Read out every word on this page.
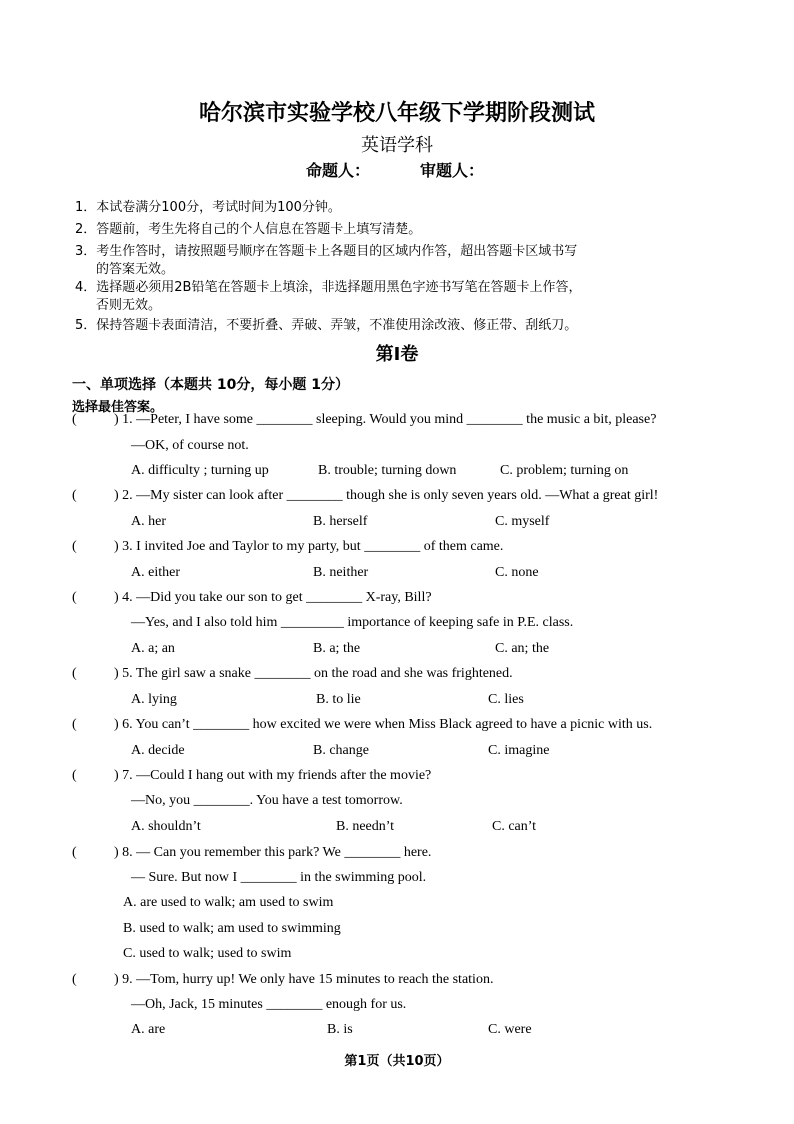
哈尔滨市实验学校八年级下学期阶段测试
英语学科
命题人：	审题人：
1．本试卷满分100分，考试时间为100分钟。
2．答题前，考生先将自己的个人信息在答题卡上填写清楚。
3．考生作答时，请按照题号顺序在答题卡上各题目的区域内作答，超出答题卡区域书写
的答案无效。
4．选择题必须用2B铅笔在答题卡上填涂，非选择题用黑色字迹书写笔在答题卡上作答，
否则无效。
5．保持答题卡表面清洁，不要折叠、弄破、弄皱，不准使用涂改液、修正带、刮纸刀。
第I卷
一、单项选择（本题共 10分，每小题 1分）
选择最佳答案。
(	) 1. —Peter, I have some ________ sleeping. Would you mind ________ the music a bit, please?
—OK, of course not.
A. difficulty ; turning up	B. trouble; turning down	C. problem; turning on
(	) 2. —My sister can look after ________ though she is only seven years old. —What a great girl!
A. her	B. herself	C. myself
(	) 3. I invited Joe and Taylor to my party, but ________ of them came.
A. either	B. neither	C. none
(	) 4. —Did you take our son to get ________ X-ray, Bill?
—Yes, and I also told him _________ importance of keeping safe in P.E. class.
A. a; an	B. a; the	C. an; the
(	) 5. The girl saw a snake ________ on the road and she was frightened.
A. lying	B. to lie	C. lies
(	) 6. You can’t ________ how excited we were when Miss Black agreed to have a picnic with us.
A. decide	B. change	C. imagine
(	) 7. —Could I hang out with my friends after the movie?
—No, you ________. You have a test tomorrow.
A. shouldn’t	B. needn’t	C. can’t
(	) 8. — Can you remember this park? We ________ here.
— Sure. But now I ________ in the swimming pool.
A. are used to walk; am used to swim
B. used to walk; am used to swimming
C. used to walk; used to swim
(	) 9. —Tom, hurry up! We only have 15 minutes to reach the station.
—Oh, Jack, 15 minutes ________ enough for us.
A. are	B. is	C. were
第1页（共10页）
